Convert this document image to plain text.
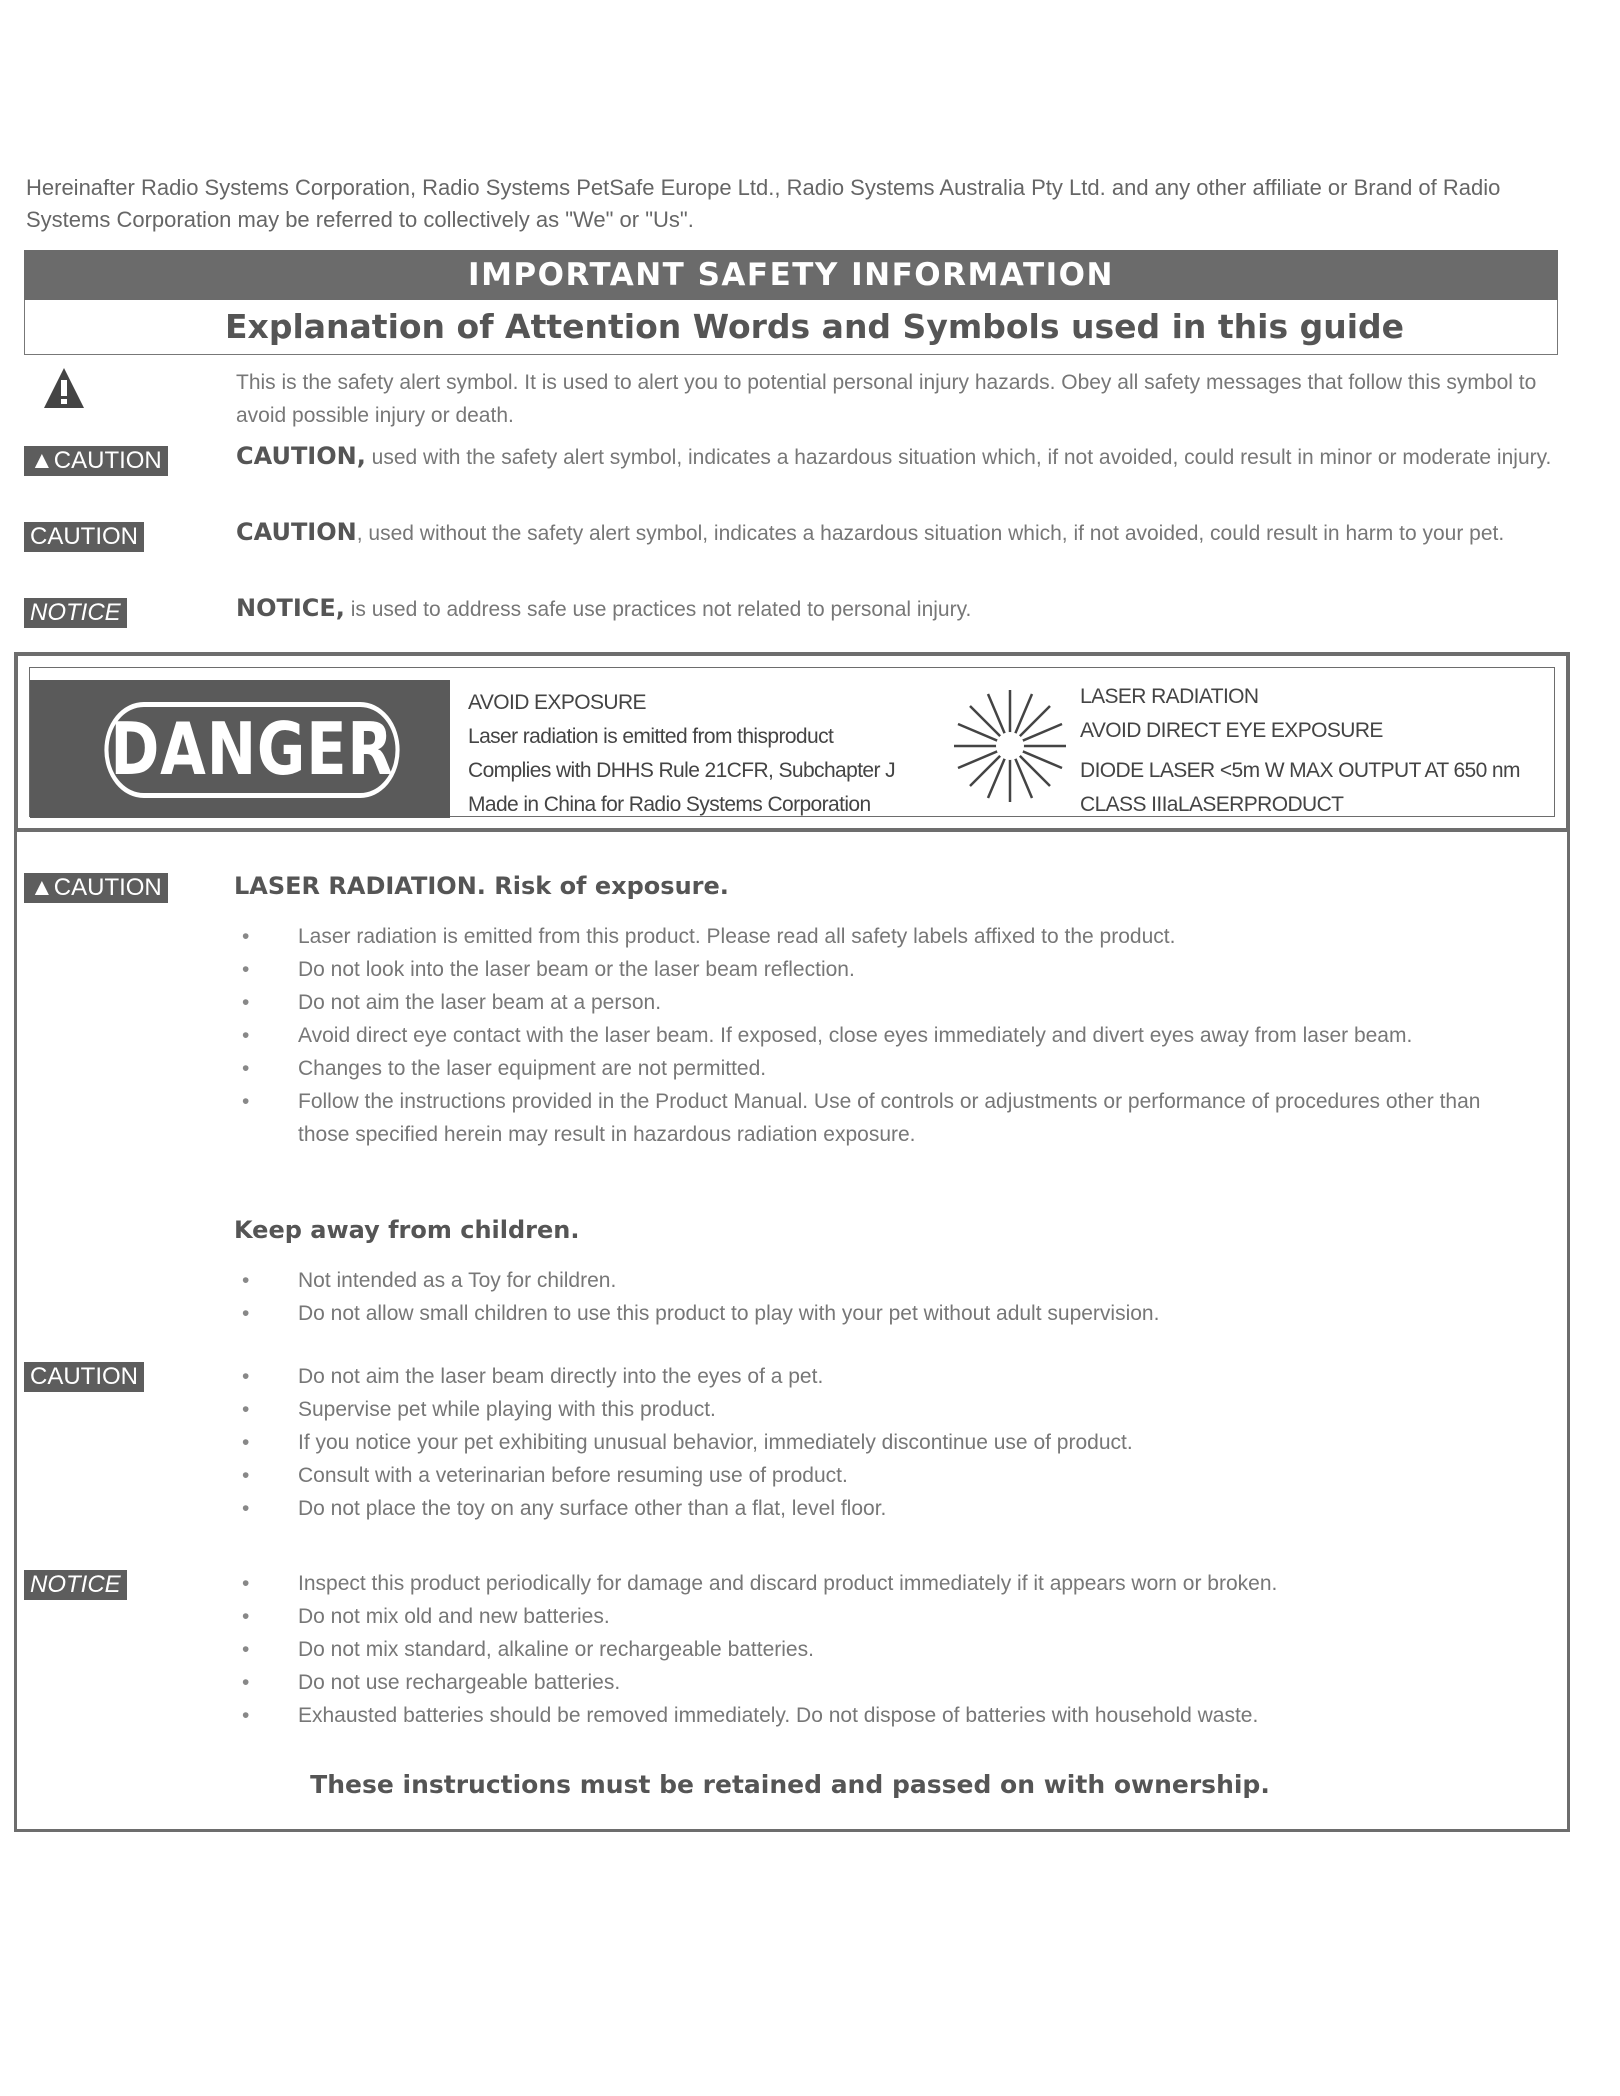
Hereinafter Radio Systems Corporation, Radio Systems PetSafe Europe Ltd., Radio Systems Australia Pty Ltd. and any other affiliate or Brand of Radio Systems Corporation may be referred to collectively as "We" or "Us".
IMPORTANT SAFETY INFORMATION
Explanation of Attention Words and Symbols used in this guide
This is the safety alert symbol. It is used to alert you to potential personal injury hazards. Obey all safety messages that follow this symbol to avoid possible injury or death.
▲CAUTION	CAUTION, used with the safety alert symbol, indicates a hazardous situation which, if not avoided, could result in minor or moderate injury.
CAUTION	CAUTION, used without the safety alert symbol, indicates a hazardous situation which, if not avoided, could result in harm to your pet.
NOTICE	NOTICE, is used to address safe use practices not related to personal injury.
DANGER
AVOID EXPOSURE
Laser radiation is emitted from thisproduct
Complies with DHHS Rule 21CFR, Subchapter J
Made in China for Radio Systems Corporation
LASER RADIATION
AVOID DIRECT EYE EXPOSURE
DIODE LASER <5m W MAX OUTPUT AT 650 nm
CLASS IIIaLASERPRODUCT
▲CAUTION	LASER RADIATION. Risk of exposure.
• Laser radiation is emitted from this product. Please read all safety labels affixed to the product.
• Do not look into the laser beam or the laser beam reflection.
• Do not aim the laser beam at a person.
• Avoid direct eye contact with the laser beam. If exposed, close eyes immediately and divert eyes away from laser beam.
• Changes to the laser equipment are not permitted.
• Follow the instructions provided in the Product Manual. Use of controls or adjustments or performance of procedures other than those specified herein may result in hazardous radiation exposure.
Keep away from children.
• Not intended as a Toy for children.
• Do not allow small children to use this product to play with your pet without adult supervision.
CAUTION	• Do not aim the laser beam directly into the eyes of a pet.
• Supervise pet while playing with this product.
• If you notice your pet exhibiting unusual behavior, immediately discontinue use of product.
• Consult with a veterinarian before resuming use of product.
• Do not place the toy on any surface other than a flat, level floor.
NOTICE	• Inspect this product periodically for damage and discard product immediately if it appears worn or broken.
• Do not mix old and new batteries.
• Do not mix standard, alkaline or rechargeable batteries.
• Do not use rechargeable batteries.
• Exhausted batteries should be removed immediately. Do not dispose of batteries with household waste.
These instructions must be retained and passed on with ownership.
